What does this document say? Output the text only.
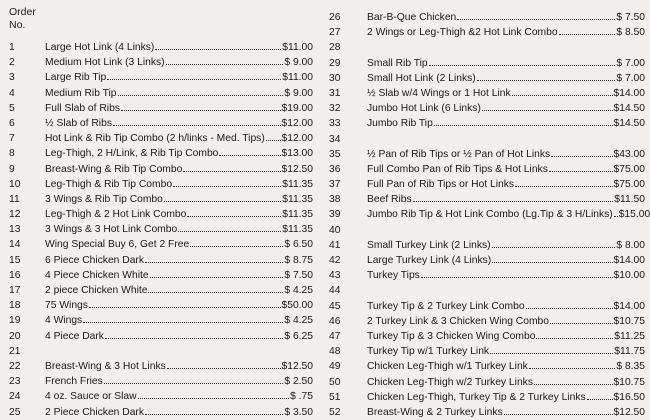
Order
No.
1	Large Hot Link (4 Links)	$11.00
2	Medium Hot Link (3 Links)	$ 9.00
3	Large Rib Tip	$11.00
4	Medium Rib Tip	$ 9.00
5	Full Slab of Ribs	$19.00
6	½ Slab of Ribs	$12.00
7	Hot Link & Rib Tip Combo (2 h/links - Med. Tips) $12.00
8	Leg-Thigh, 2 H/Link, & Rib Tip Combo	$13.00
9	Breast-Wing & Rib Tip Combo	$12.50
10	Leg-Thigh & Rib Tip Combo	$11.35
11	3 Wings & Rib Tip Combo	$11.35
12	Leg-Thigh & 2 Hot Link Combo	$11.35
13	3 Wings & 3 Hot Link Combo	$11.35
14	Wing Special Buy 6, Get 2 Free	$ 6.50
15	6 Piece Chicken Dark	$ 8.75
16	4 Piece Chicken White	$ 7.50
17	2 piece Chicken White	$ 4.25
18	75 Wings	$50.00
19	4 Wings	$ 4.25
20	4 Piece Dark	$ 6.25
21
22	Breast-Wing & 3 Hot Links	$12.50
23	French Fries	$ 2.50
24	4 oz. Sauce or Slaw	$ .75
25	2 Piece Chicken Dark	$ 3.50
26	Bar-B-Que Chicken	$ 7.50
27	2 Wings or Leg-Thigh &2 Hot Link Combo	$ 8.50
28
29	Small Rib Tip	$ 7.00
30	Small Hot Link (2 Links)	$ 7.00
31	½ Slab w/4 Wings or 1 Hot Link	$14.00
32	Jumbo Hot Link (6 Links)	$14.50
33	Jumbo Rib Tip	$14.50
34
35	½ Pan of Rib Tips or ½ Pan of Hot Links	$43.00
36	Full Combo Pan of Rib Tips & Hot Links	$75.00
37	Full Pan of Rib Tips or Hot Links	$75.00
38	Beef Ribs	$11.50
39	Jumbo Rib Tip & Hot Link Combo (Lg.Tip & 3 H/Links) $15.00
40
41	Small Turkey Link (2 Links)	$ 8.00
42	Large Turkey Link (4 Links)	$14.00
43	Turkey Tips	$10.00
44
45	Turkey Tip & 2 Turkey Link Combo	$14.00
46	2 Turkey Link & 3 Chicken Wing Combo	$10.75
47	Turkey Tip & 3 Chicken Wing Combo	$11.25
48	Turkey Tip w/1 Turkey Link	$11.75
49	Chicken Leg-Thigh w/1 Turkey Link	$ 8.35
50	Chicken Leg-Thigh w/2 Turkey Links	$10.75
51	Chicken Leg-Thigh, Turkey Tip & 2 Turkey Links	$16.50
52	Breast-Wing & 2 Turkey Links	$12.50
